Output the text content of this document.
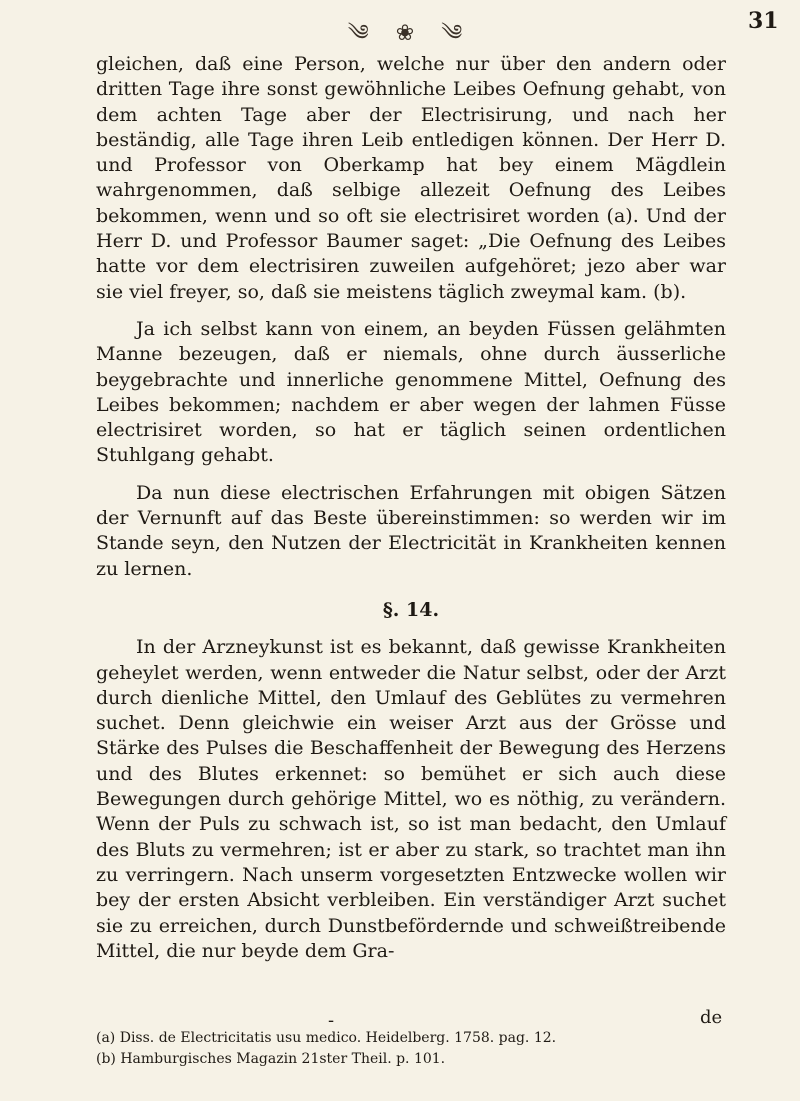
༄ ❀ ༄	31

gleichen, daß eine Person, welche nur über den andern oder dritten Tage ihre sonst gewöhnliche Leibes Oefnung gehabt, von dem achten Tage aber der Electrisirung, und nach her beständig, alle Tage ihren Leib entledigen können. Der Herr D. und Professor von Oberkamp hat bey einem Mägdlein wahrgenommen, daß selbige allezeit Oefnung des Leibes bekommen, wenn und so oft sie electrisiret worden (a). Und der Herr D. und Professor Baumer saget: „Die Oefnung des Leibes hatte vor dem electrisiren zuweilen aufgehöret; jezo aber war sie viel freyer, so, daß sie meistens täglich zweymal kam. (b).

Ja ich selbst kann von einem, an beyden Füssen gelähmten Manne bezeugen, daß er niemals, ohne durch äusserliche beygebrachte und innerliche genommene Mittel, Oefnung des Leibes bekommen; nachdem er aber wegen der lahmen Füsse electrisiret worden, so hat er täglich seinen ordentlichen Stuhlgang gehabt.

Da nun diese electrischen Erfahrungen mit obigen Sätzen der Vernunft auf das Beste übereinstimmen: so werden wir im Stande seyn, den Nutzen der Electricität in Krankheiten kennen zu lernen.

§. 14.

In der Arzneykunst ist es bekannt, daß gewisse Krankheiten geheylet werden, wenn entweder die Natur selbst, oder der Arzt durch dienliche Mittel, den Umlauf des Geblütes zu vermehren suchet. Denn gleichwie ein weiser Arzt aus der Grösse und Stärke des Pulses die Beschaffenheit der Bewegung des Herzens und des Blutes erkennet: so bemühet er sich auch diese Bewegungen durch gehörige Mittel, wo es nöthig, zu verändern. Wenn der Puls zu schwach ist, so ist man bedacht, den Umlauf des Bluts zu vermehren; ist er aber zu stark, so trachtet man ihn zu verringern. Nach unserm vorgesetzten Entzwecke wollen wir bey der ersten Absicht verbleiben. Ein verständiger Arzt suchet sie zu erreichen, durch Dunstbefördernde und schweißtreibende Mittel, die nur beyde dem Gra-

-	de

(a) Diss. de Electricitatis usu medico. Heidelberg. 1758. pag. 12.

(b) Hamburgisches Magazin 21ster Theil. p. 101.
